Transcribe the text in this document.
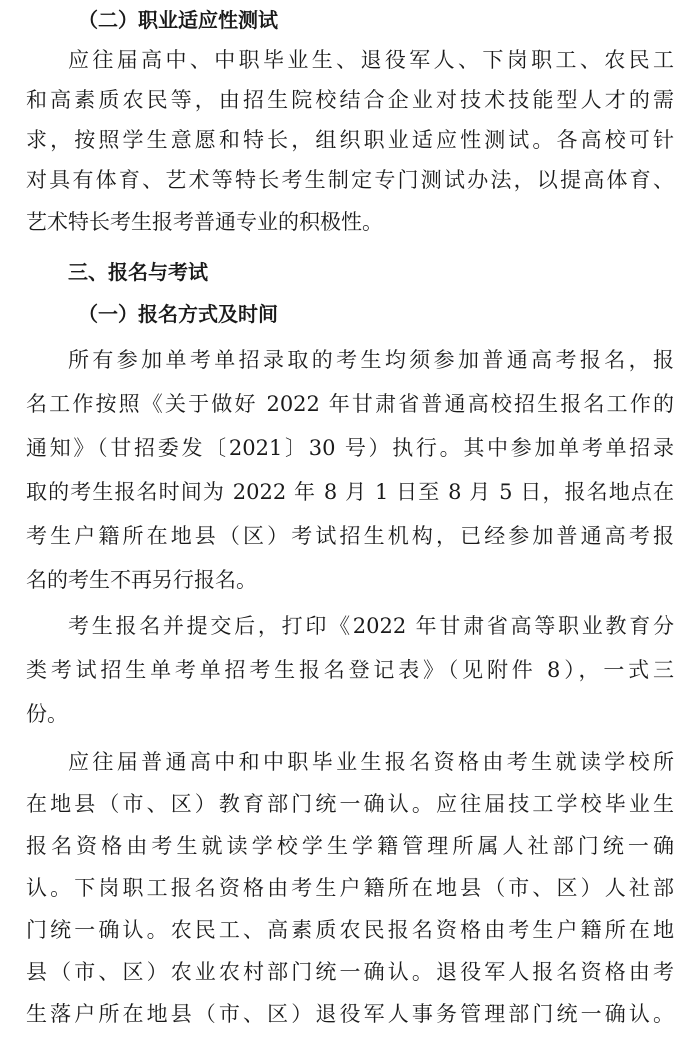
（二）职业适应性测试
应往届高中、中职毕业生、退役军人、下岗职工、农民工
和高素质农民等，由招生院校结合企业对技术技能型人才的需
求，按照学生意愿和特长，组织职业适应性测试。各高校可针
对具有体育、艺术等特长考生制定专门测试办法，以提高体育、
艺术特长考生报考普通专业的积极性。
三、报名与考试
（一）报名方式及时间
所有参加单考单招录取的考生均须参加普通高考报名，报
名工作按照《关于做好 2022 年甘肃省普通高校招生报名工作的
通知》（甘招委发〔2021〕30 号）执行。其中参加单考单招录
取的考生报名时间为 2022 年 8 月 1 日至 8 月 5 日，报名地点在
考生户籍所在地县（区）考试招生机构，已经参加普通高考报
名的考生不再另行报名。
考生报名并提交后，打印《2022 年甘肃省高等职业教育分
类考试招生单考单招考生报名登记表》（见附件 8），一式三
份。
应往届普通高中和中职毕业生报名资格由考生就读学校所
在地县（市、区）教育部门统一确认。应往届技工学校毕业生
报名资格由考生就读学校学生学籍管理所属人社部门统一确
认。下岗职工报名资格由考生户籍所在地县（市、区）人社部
门统一确认。农民工、高素质农民报名资格由考生户籍所在地
县（市、区）农业农村部门统一确认。退役军人报名资格由考
生落户所在地县（市、区）退役军人事务管理部门统一确认。
